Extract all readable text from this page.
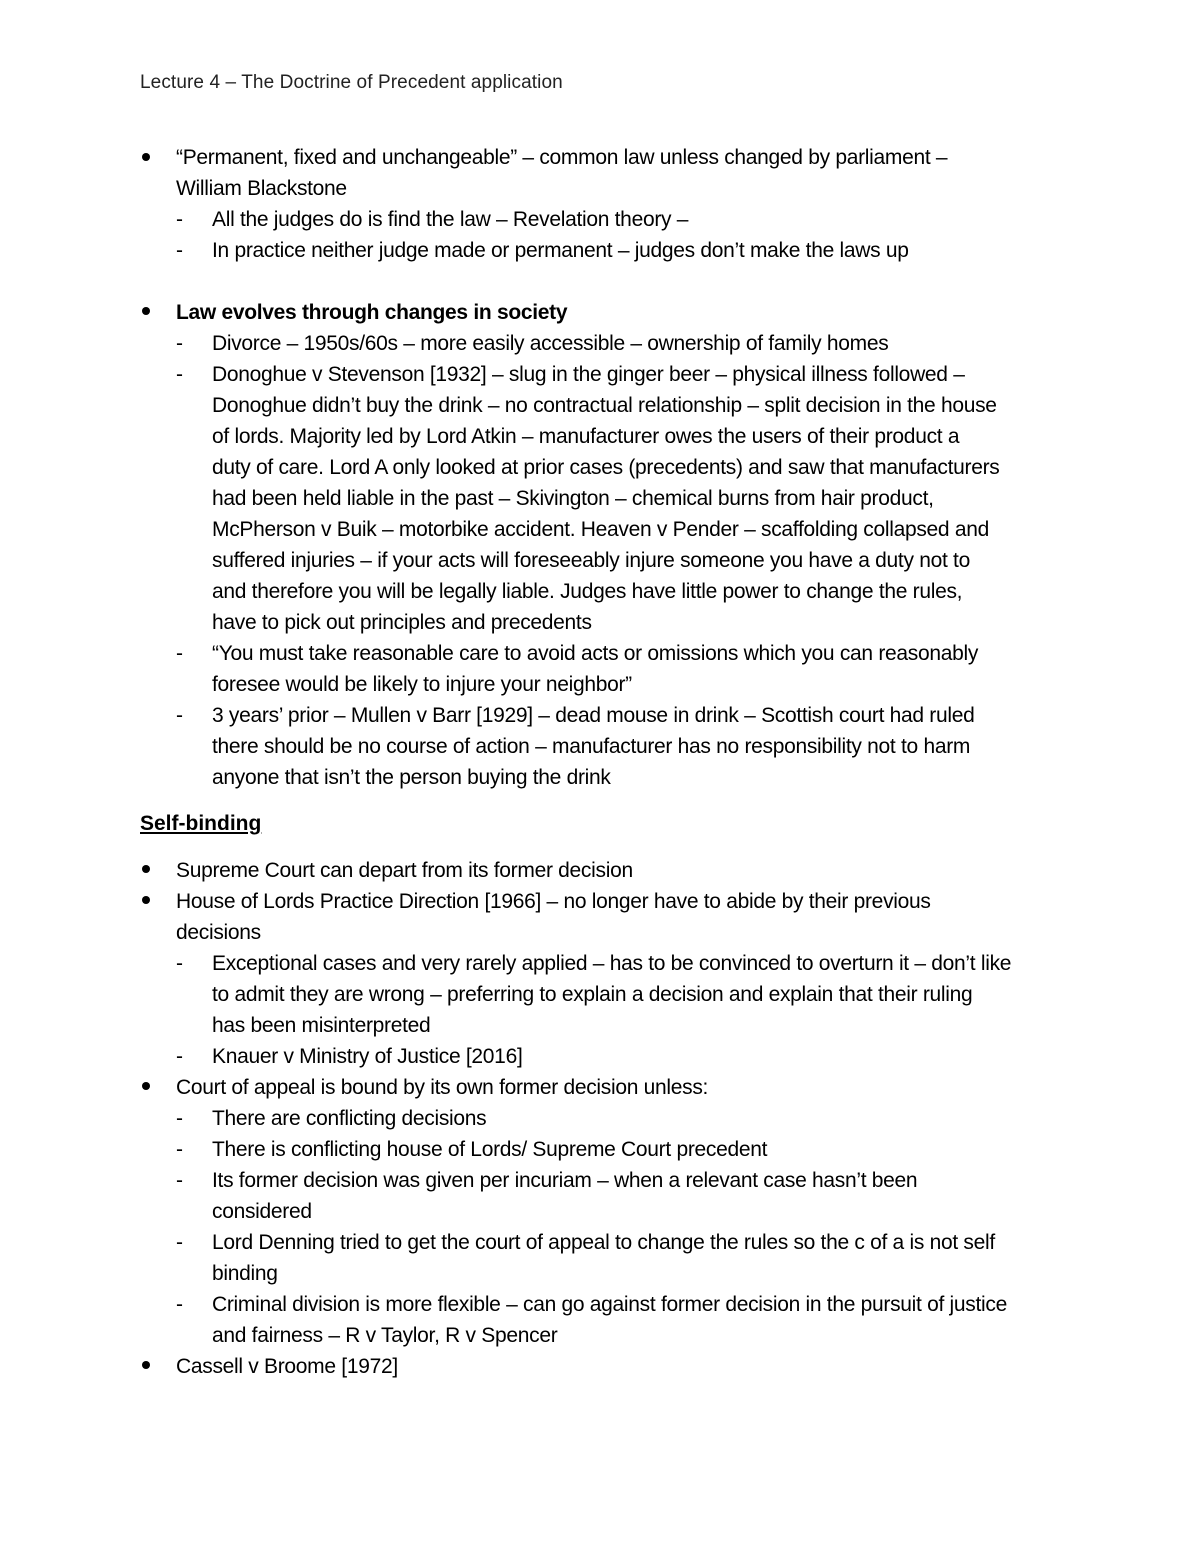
Lecture 4 – The Doctrine of Precedent application
“Permanent, fixed and unchangeable” – common law unless changed by parliament –
William Blackstone
- All the judges do is find the law – Revelation theory –
- In practice neither judge made or permanent – judges don’t make the laws up
Law evolves through changes in society
- Divorce – 1950s/60s – more easily accessible – ownership of family homes
- Donoghue v Stevenson [1932] – slug in the ginger beer – physical illness followed –
Donoghue didn’t buy the drink – no contractual relationship – split decision in the house
of lords. Majority led by Lord Atkin – manufacturer owes the users of their product a
duty of care. Lord A only looked at prior cases (precedents) and saw that manufacturers
had been held liable in the past – Skivington – chemical burns from hair product,
McPherson v Buik – motorbike accident. Heaven v Pender – scaffolding collapsed and
suffered injuries – if your acts will foreseeably injure someone you have a duty not to
and therefore you will be legally liable. Judges have little power to change the rules,
have to pick out principles and precedents
- “You must take reasonable care to avoid acts or omissions which you can reasonably
foresee would be likely to injure your neighbor”
- 3 years’ prior – Mullen v Barr [1929] – dead mouse in drink – Scottish court had ruled
there should be no course of action – manufacturer has no responsibility not to harm
anyone that isn’t the person buying the drink
Self-binding
Supreme Court can depart from its former decision
House of Lords Practice Direction [1966] – no longer have to abide by their previous
decisions
- Exceptional cases and very rarely applied – has to be convinced to overturn it – don’t like
to admit they are wrong – preferring to explain a decision and explain that their ruling
has been misinterpreted
- Knauer v Ministry of Justice [2016]
Court of appeal is bound by its own former decision unless:
- There are conflicting decisions
- There is conflicting house of Lords/ Supreme Court precedent
- Its former decision was given per incuriam – when a relevant case hasn’t been
considered
- Lord Denning tried to get the court of appeal to change the rules so the c of a is not self
binding
- Criminal division is more flexible – can go against former decision in the pursuit of justice
and fairness – R v Taylor, R v Spencer
Cassell v Broome [1972]
